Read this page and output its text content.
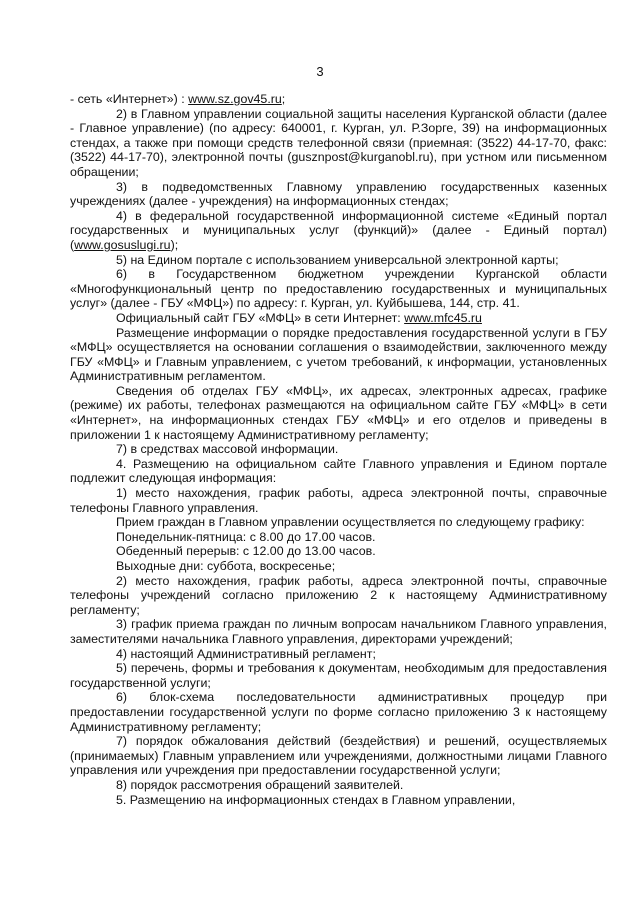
3

- сеть «Интернет») : www.sz.gov45.ru;

2) в Главном управлении социальной защиты населения Курганской области (далее - Главное управление) (по адресу: 640001, г. Курган, ул. Р.Зорге, 39) на информационных стендах, а также при помощи средств телефонной связи (приемная: (3522) 44-17-70, факс: (3522) 44-17-70), электронной почты (gusznpost@kurganobl.ru), при устном или письменном обращении;

3) в подведомственных Главному управлению государственных казенных учреждениях (далее - учреждения) на информационных стендах;

4) в федеральной государственной информационной системе «Единый портал государственных и муниципальных услуг (функций)» (далее - Единый портал) (www.gosuslugi.ru);

5) на Едином портале с использованием универсальной электронной карты;

6) в Государственном бюджетном учреждении Курганской области «Многофункциональный центр по предоставлению государственных и муниципальных услуг» (далее - ГБУ «МФЦ») по адресу: г. Курган, ул. Куйбышева, 144, стр. 41.

Официальный сайт ГБУ «МФЦ» в сети Интернет: www.mfc45.ru

Размещение информации о порядке предоставления государственной услуги в ГБУ «МФЦ» осуществляется на основании соглашения о взаимодействии, заключенного между ГБУ «МФЦ» и Главным управлением, с учетом требований, к информации, установленных Административным регламентом.

Сведения об отделах ГБУ «МФЦ», их адресах, электронных адресах, графике (режиме) их работы, телефонах размещаются на официальном сайте ГБУ «МФЦ» в сети «Интернет», на информационных стендах ГБУ «МФЦ» и его отделов и приведены в приложении 1 к настоящему Административному регламенту;

7) в средствах массовой информации.

4. Размещению на официальном сайте Главного управления и Едином портале подлежит следующая информация:

1) место нахождения, график работы, адреса электронной почты, справочные телефоны Главного управления.

Прием граждан в Главном управлении осуществляется по следующему графику:

Понедельник-пятница: с 8.00 до 17.00 часов.

Обеденный перерыв: с 12.00 до 13.00 часов.

Выходные дни: суббота, воскресенье;

2) место нахождения, график работы, адреса электронной почты, справочные телефоны учреждений согласно приложению 2 к настоящему Административному регламенту;

3) график приема граждан по личным вопросам начальником Главного управления, заместителями начальника Главного управления, директорами учреждений;

4) настоящий Административный регламент;

5) перечень, формы и требования к документам, необходимым для предоставления государственной услуги;

6) блок-схема последовательности административных процедур при предоставлении государственной услуги по форме согласно приложению 3 к настоящему Административному регламенту;

7) порядок обжалования действий (бездействия) и решений, осуществляемых (принимаемых) Главным управлением или учреждениями, должностными лицами Главного управления или учреждения при предоставлении государственной услуги;

8) порядок рассмотрения обращений заявителей.

5. Размещению на информационных стендах в Главном управлении,
